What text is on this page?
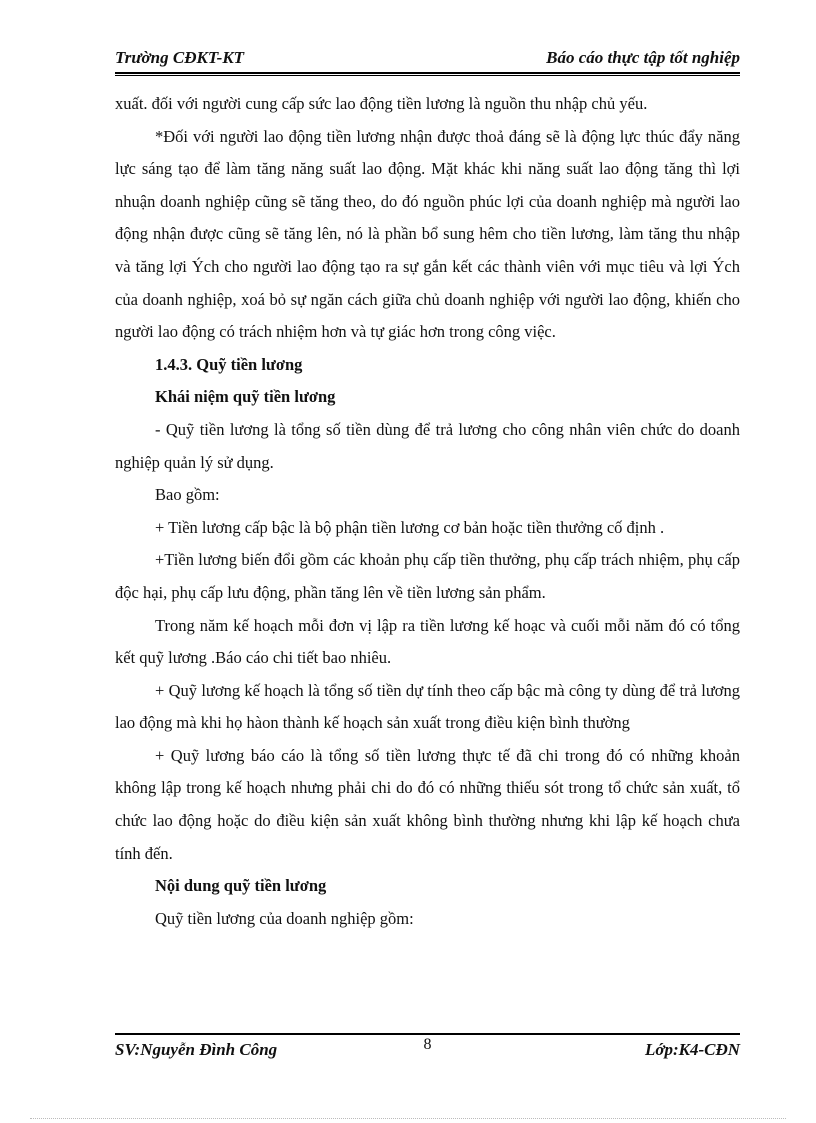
Trường CĐKT-KT	Báo cáo thực tập tốt nghiệp

xuất. đối với người cung cấp sức lao động tiền lương là nguồn thu nhập chủ yếu.

*Đối với người lao động tiền lương nhận được thoả đáng sẽ là động lực thúc đẩy năng lực sáng tạo để làm tăng năng suất lao động. Mặt khác khi năng suất lao động tăng thì lợi nhuận doanh nghiệp cũng sẽ tăng theo, do đó nguồn phúc lợi của doanh nghiệp mà người lao động nhận được cũng sẽ tăng lên, nó là phần bổ sung hêm cho tiền lương, làm tăng thu nhập và tăng lợi Ých cho người lao động tạo ra sự gắn kết các thành viên với mục tiêu và lợi Ých của doanh nghiệp, xoá bỏ sự ngăn cách giữa chủ doanh nghiệp với người lao động, khiến cho người lao động có trách nhiệm hơn và tự giác hơn trong công việc.

1.4.3. Quỹ tiền lương

Khái niệm quỹ tiền lương

- Quỹ tiền lương là tổng số tiền dùng để trả lương cho công nhân viên chức do doanh nghiệp quản lý sử dụng.

Bao gồm:

+ Tiền lương cấp bậc là bộ phận tiền lương cơ bản hoặc tiền thưởng cố định .

+Tiền lương biến đổi gồm các khoản phụ cấp tiền thưởng, phụ cấp trách nhiệm, phụ cấp độc hại, phụ cấp lưu động, phần tăng lên về tiền lương sản phẩm.

Trong năm kế hoạch mỗi đơn vị lập ra tiền lương kế hoạc và cuối mỗi năm đó có tổng kết quỹ lương .Báo cáo chi tiết bao nhiêu.

+ Quỹ lương kế hoạch là tổng số tiền dự tính theo cấp bậc mà công ty dùng để trả lương lao động mà khi họ hàon thành kế hoạch sản xuất trong điều kiện bình thường

+ Quỹ lương báo cáo là tổng số tiền lương thực tế đã chi trong đó có những khoản không lập trong kế hoạch nhưng phải chi do đó có những thiếu sót trong tổ chức sản xuất, tổ chức lao động hoặc do điều kiện sản xuất không bình thường nhưng khi lập kế hoạch chưa tính đến.

Nội dung quỹ tiền lương

Quỹ tiền lương của doanh nghiệp gồm:

SV:Nguyễn Đình Công	8	Lớp:K4-CĐN
